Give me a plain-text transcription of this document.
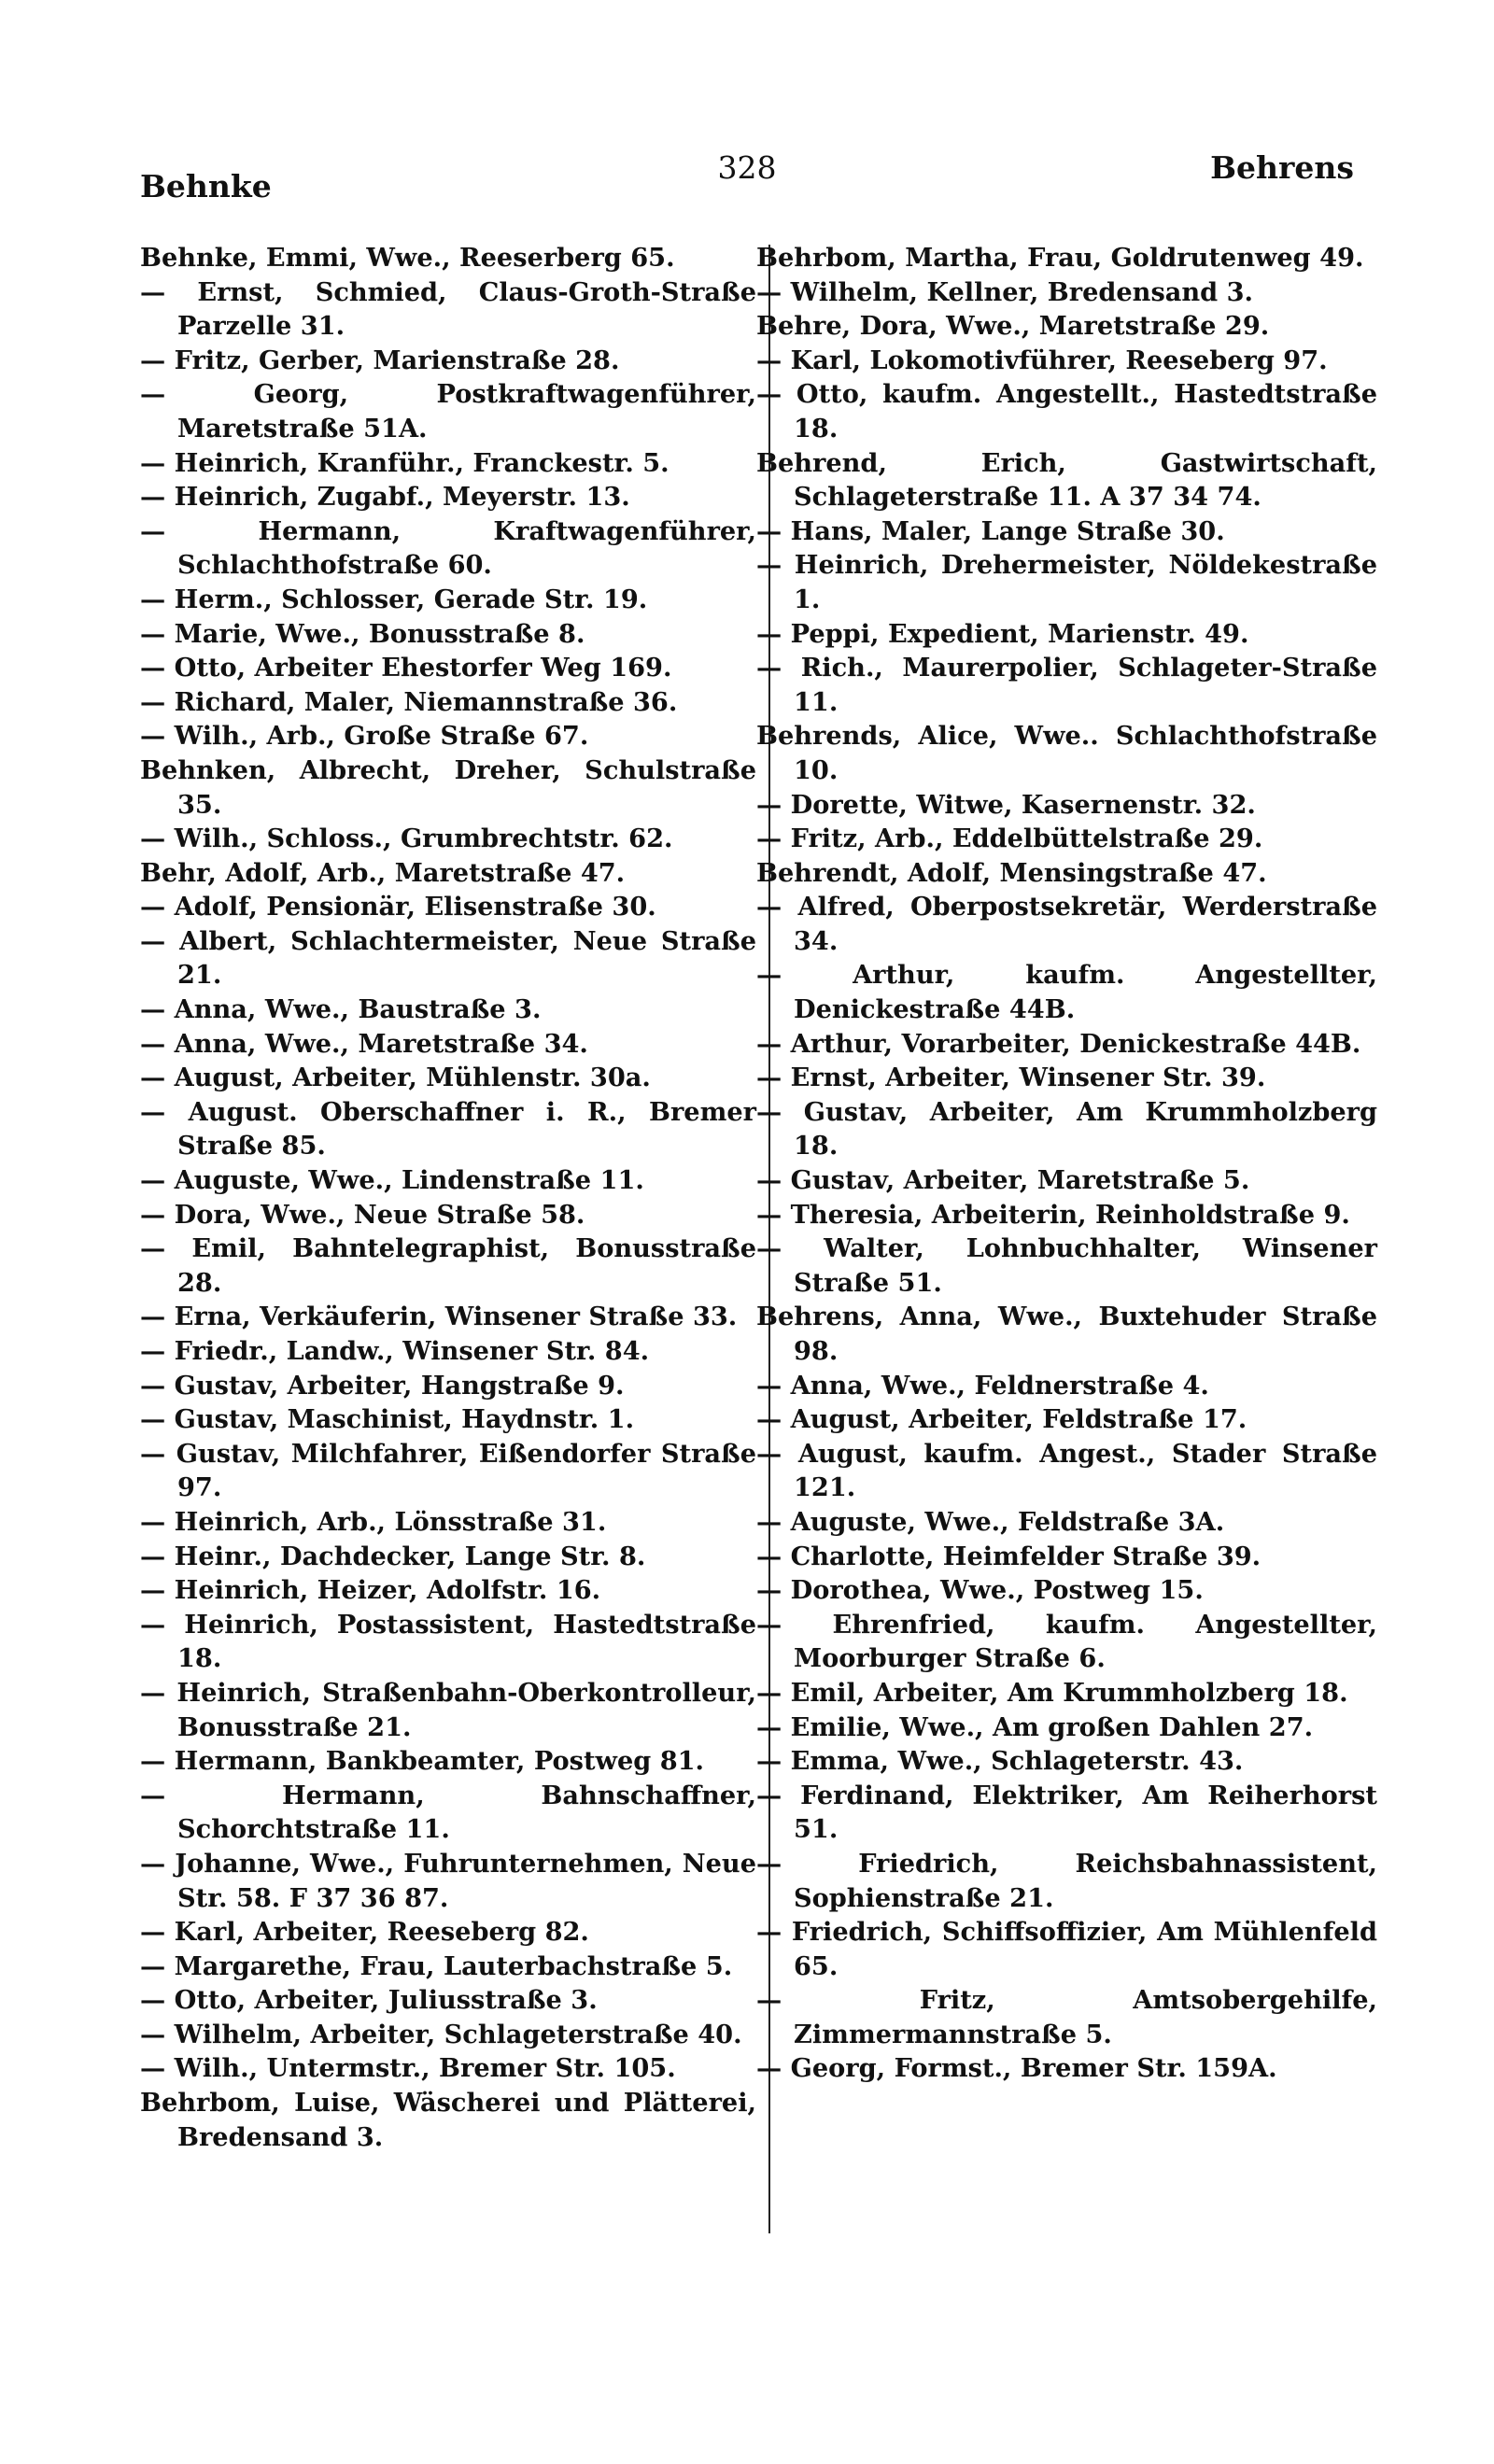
Behnke
328	Behrens

Behnke, Emmi, Wwe., Reeserberg 65.

— Ernst, Schmied, Claus-Groth-Straße Parzelle 31.

— Fritz, Gerber, Marienstraße 28.

— Georg, Postkraftwagenführer, Maretstraße 51A.

— Heinrich, Kranführ., Franckestr. 5.

— Heinrich, Zugabf., Meyerstr. 13.

— Hermann, Kraftwagenführer, Schlachthofstraße 60.

— Herm., Schlosser, Gerade Str. 19.

— Marie, Wwe., Bonusstraße 8.

— Otto, Arbeiter Ehestorfer Weg 169.

— Richard, Maler, Niemannstraße 36.

— Wilh., Arb., Große Straße 67.

Behnken, Albrecht, Dreher, Schulstraße 35.

— Wilh., Schloss., Grumbrechtstr. 62.

Behr, Adolf, Arb., Maretstraße 47.

— Adolf, Pensionär, Elisenstraße 30.

— Albert, Schlachtermeister, Neue Straße 21.

— Anna, Wwe., Baustraße 3.

— Anna, Wwe., Maretstraße 34.

— August, Arbeiter, Mühlenstr. 30a.

— August. Oberschaffner i. R., Bremer Straße 85.

— Auguste, Wwe., Lindenstraße 11.

— Dora, Wwe., Neue Straße 58.

— Emil, Bahntelegraphist, Bonusstraße 28.

— Erna, Verkäuferin, Winsener Straße 33.

— Friedr., Landw., Winsener Str. 84.

— Gustav, Arbeiter, Hangstraße 9.

— Gustav, Maschinist, Haydnstr. 1.

— Gustav, Milchfahrer, Eißendorfer Straße 97.

— Heinrich, Arb., Lönsstraße 31.

— Heinr., Dachdecker, Lange Str. 8.

— Heinrich, Heizer, Adolfstr. 16.

— Heinrich, Postassistent, Hastedtstraße 18.

— Heinrich, Straßenbahn-Oberkontrolleur, Bonusstraße 21.

— Hermann, Bankbeamter, Postweg 81.

— Hermann, Bahnschaffner, Schorchtstraße 11.

— Johanne, Wwe., Fuhrunternehmen, Neue Str. 58. F 37 36 87.

— Karl, Arbeiter, Reeseberg 82.

— Margarethe, Frau, Lauterbachstraße 5.

— Otto, Arbeiter, Juliusstraße 3.

— Wilhelm, Arbeiter, Schlageterstraße 40.

— Wilh., Untermstr., Bremer Str. 105.

Behrbom, Luise, Wäscherei und Plätterei, Bredensand 3.

Behrbom, Martha, Frau, Goldrutenweg 49.

— Wilhelm, Kellner, Bredensand 3.

Behre, Dora, Wwe., Maretstraße 29.

— Karl, Lokomotivführer, Reeseberg 97.

— Otto, kaufm. Angestellt., Hastedtstraße 18.

Behrend, Erich, Gastwirtschaft, Schlageterstraße 11. A 37 34 74.

— Hans, Maler, Lange Straße 30.

— Heinrich, Drehermeister, Nöldekestraße 1.

— Peppi, Expedient, Marienstr. 49.

— Rich., Maurerpolier, Schlageter-Straße 11.

Behrends, Alice, Wwe.. Schlachthofstraße 10.

— Dorette, Witwe, Kasernenstr. 32.

— Fritz, Arb., Eddelbüttelstraße 29.

Behrendt, Adolf, Mensingstraße 47.

— Alfred, Oberpostsekretär, Werderstraße 34.

— Arthur, kaufm. Angestellter, Denickestraße 44B.

— Arthur, Vorarbeiter, Denickestraße 44B.

— Ernst, Arbeiter, Winsener Str. 39.

— Gustav, Arbeiter, Am Krummholzberg 18.

— Gustav, Arbeiter, Maretstraße 5.

— Theresia, Arbeiterin, Reinholdstraße 9.

— Walter, Lohnbuchhalter, Winsener Straße 51.

Behrens, Anna, Wwe., Buxtehuder Straße 98.

— Anna, Wwe., Feldnerstraße 4.

— August, Arbeiter, Feldstraße 17.

— August, kaufm. Angest., Stader Straße 121.

— Auguste, Wwe., Feldstraße 3A.

— Charlotte, Heimfelder Straße 39.

— Dorothea, Wwe., Postweg 15.

— Ehrenfried, kaufm. Angestellter, Moorburger Straße 6.

— Emil, Arbeiter, Am Krummholzberg 18.

— Emilie, Wwe., Am großen Dahlen 27.

— Emma, Wwe., Schlageterstr. 43.

— Ferdinand, Elektriker, Am Reiherhorst 51.

— Friedrich, Reichsbahnassistent, Sophienstraße 21.

— Friedrich, Schiffsoffizier, Am Mühlenfeld 65.

— Fritz, Amtsobergehilfe, Zimmermannstraße 5.

— Georg, Formst., Bremer Str. 159A.
